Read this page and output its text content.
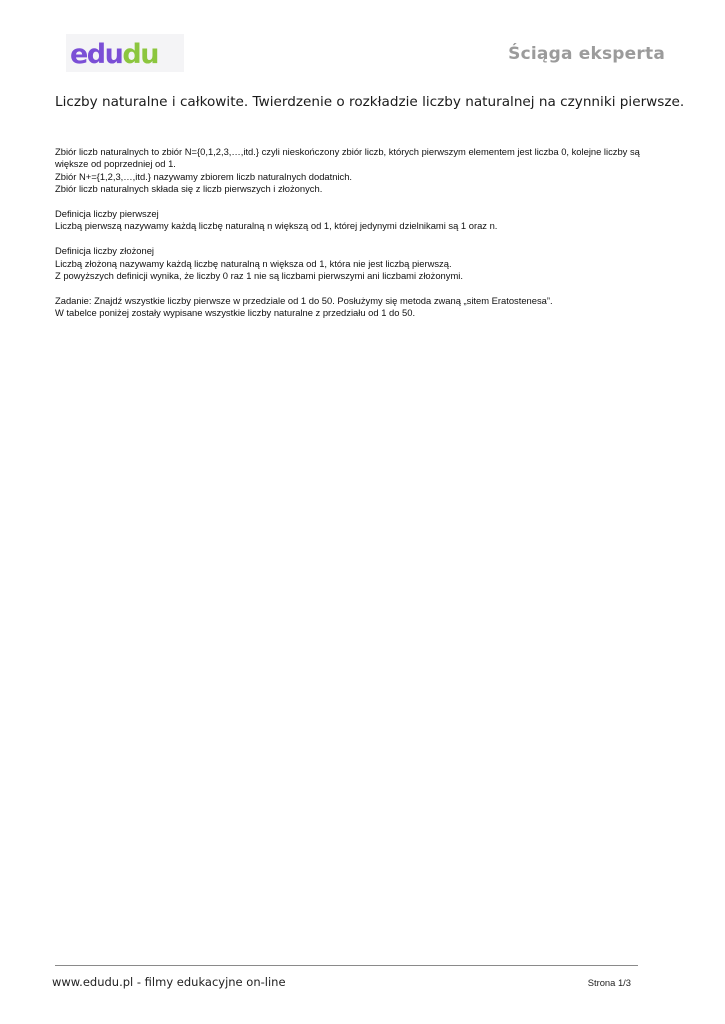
edudu	Ściąga eksperta
Liczby naturalne i całkowite. Twierdzenie o rozkładzie liczby naturalnej na czynniki pierwsze.

Zbiór liczb naturalnych to zbiór N={0,1,2,3,…,itd.} czyli nieskończony zbiór liczb, których pierwszym elementem jest liczba 0, kolejne liczby są
większe od poprzedniej od 1.
Zbiór N+={1,2,3,…,itd.} nazywamy zbiorem liczb naturalnych dodatnich.
Zbiór liczb naturalnych składa się z liczb pierwszych i złożonych.

Definicja liczby pierwszej
Liczbą pierwszą nazywamy każdą liczbę naturalną n większą od 1, której jedynymi dzielnikami są 1 oraz n.

Definicja liczby złożonej
Liczbą złożoną nazywamy każdą liczbę naturalną n większa od 1, która nie jest liczbą pierwszą.
Z powyższych definicji wynika, że liczby 0 raz 1 nie są liczbami pierwszymi ani liczbami złożonymi.

Zadanie: Znajdź wszystkie liczby pierwsze w przedziale od 1 do 50. Posłużymy się metoda zwaną „sitem Eratostenesa”.
W tabelce poniżej zostały wypisane wszystkie liczby naturalne z przedziału od 1 do 50.

www.edudu.pl - filmy edukacyjne on-line	Strona 1/3
